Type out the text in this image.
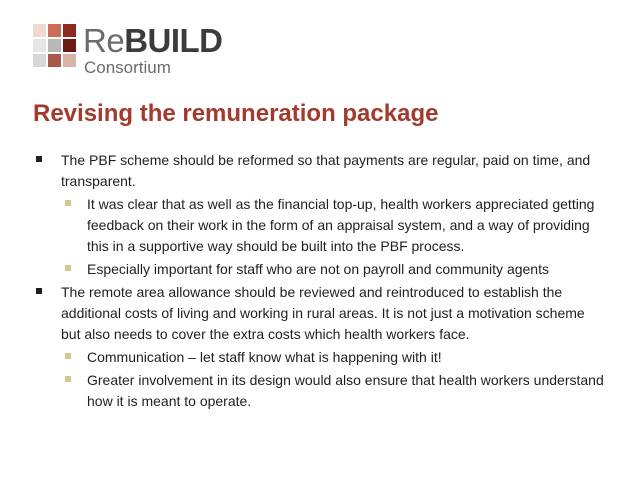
ReBUILD
Consortium
Revising the remuneration package

The PBF scheme should be reformed so that payments are regular, paid on time, and transparent.

It was clear that as well as the financial top-up, health workers appreciated getting feedback on their work in the form of an appraisal system, and a way of providing this in a supportive way should be built into the PBF process.

Especially important for staff who are not on payroll and community agents

The remote area allowance should be reviewed and reintroduced to establish the additional costs of living and working in rural areas. It is not just a motivation scheme but also needs to cover the extra costs which health workers face.

Communication – let staff know what is happening with it!

Greater involvement in its design would also ensure that health workers understand how it is meant to operate.
